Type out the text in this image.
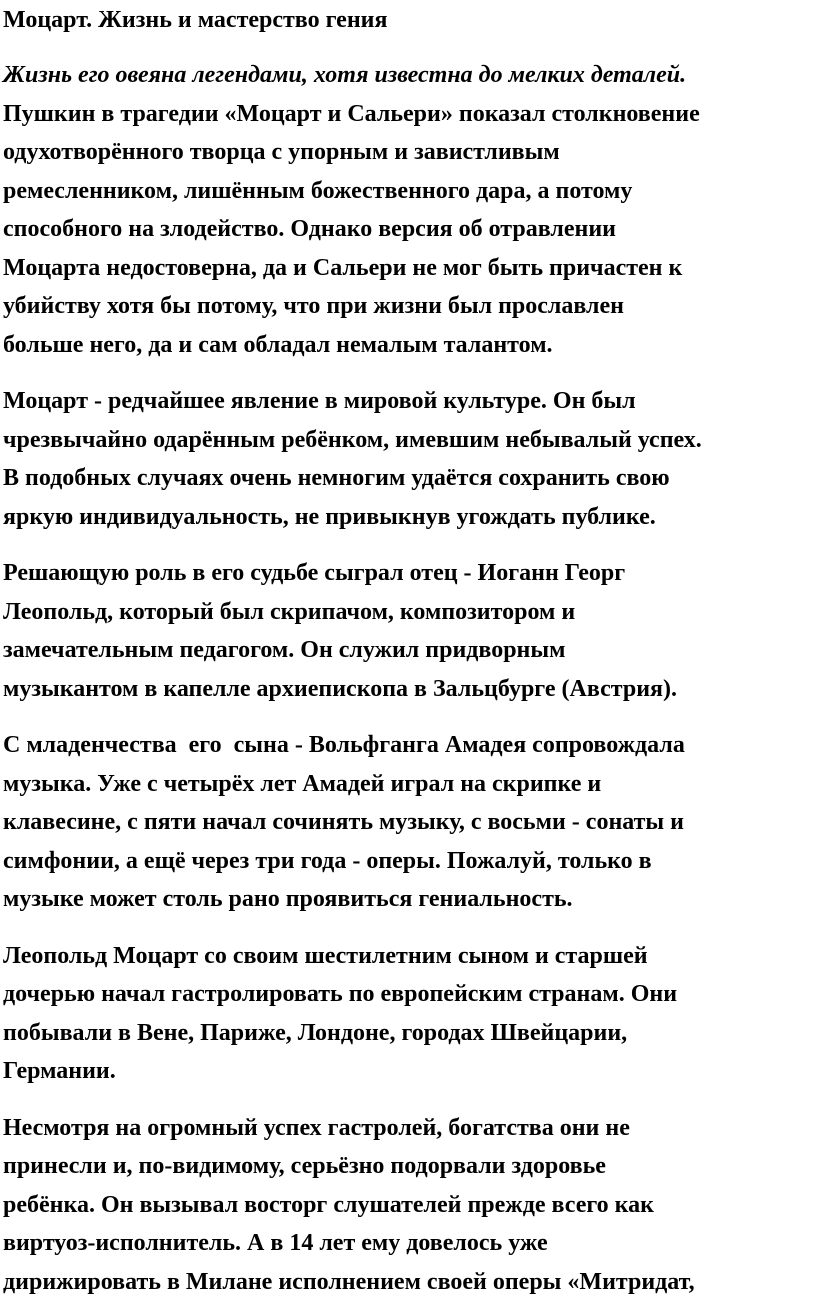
Моцарт. Жизнь и мастерство гения
Жизнь его овеяна легендами, хотя известна до мелких деталей.
Пушкин в трагедии «Моцарт и Сальери» показал столкновение
одухотворённого творца с упорным и завистливым
ремесленником, лишённым божественного дара, а потому
способного на злодейство. Однако версия об отравлении
Моцарта недостоверна, да и Сальери не мог быть причастен к
убийству хотя бы потому, что при жизни был прославлен
больше него, да и сам обладал немалым талантом.
Моцарт - редчайшее явление в мировой культуре. Он был
чрезвычайно одарённым ребёнком, имевшим небывалый успех.
В подобных случаях очень немногим удаётся сохранить свою
яркую индивидуальность, не привыкнув угождать публике.
Решающую роль в его судьбе сыграл отец - Иоганн Георг
Леопольд, который был скрипачом, композитором и
замечательным педагогом. Он служил придворным
музыкантом в капелле архиепископа в Зальцбурге (Австрия).
С младенчества  его  сына - Вольфганга Амадея сопровождала
музыка. Уже с четырёх лет Амадей играл на скрипке и
клавесине, с пяти начал сочинять музыку, с восьми - сонаты и
симфонии, а ещё через три года - оперы. Пожалуй, только в
музыке может столь рано проявиться гениальность.
Леопольд Моцарт со своим шестилетним сыном и старшей
дочерью начал гастролировать по европейским странам. Они
побывали в Вене, Париже, Лондоне, городах Швейцарии,
Германии.
Несмотря на огромный успех гастролей, богатства они не
принесли и, по-видимому, серьёзно подорвали здоровье
ребёнка. Он вызывал восторг слушателей прежде всего как
виртуоз-исполнитель. А в 14 лет ему довелось уже
дирижировать в Милане исполнением своей оперы «Митридат,
